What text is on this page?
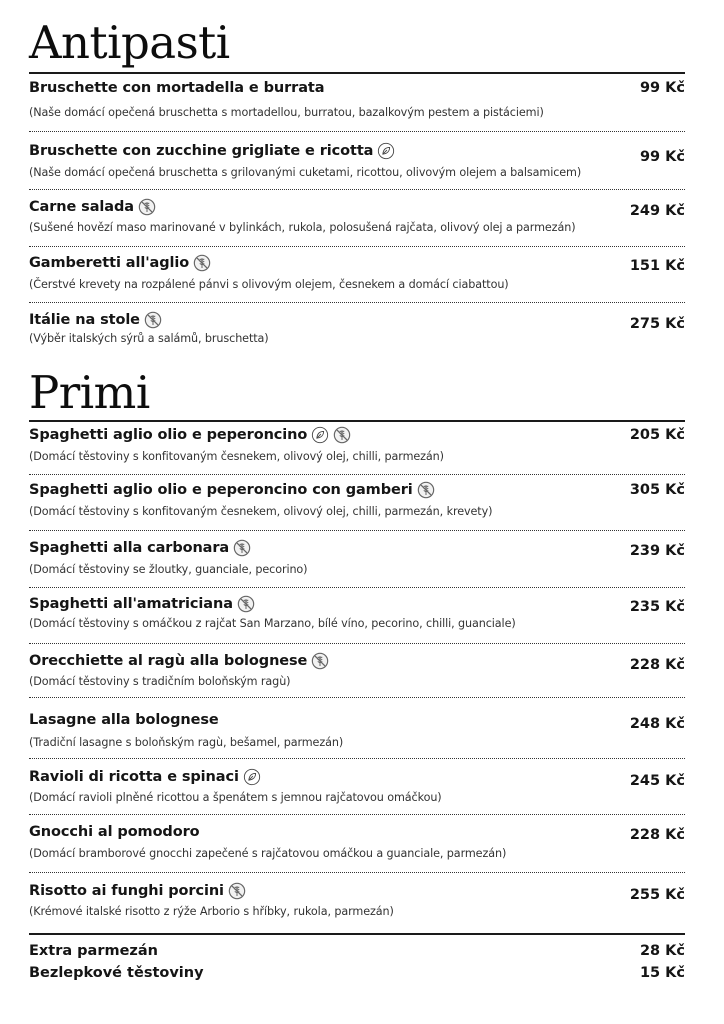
Antipasti
Bruschette con mortadella e burrata	99 Kč
(Naše domácí opečená bruschetta s mortadellou, burratou, bazalkovým pestem a pistáciemi)
Bruschette con zucchine grigliate e ricotta	99 Kč
(Naše domácí opečená bruschetta s grilovanými cuketami, ricottou, olivovým olejem a balsamicem)
Carne salada	249 Kč
(Sušené hovězí maso marinované v bylinkách, rukola, polosušená rajčata, olivový olej a parmezán)
Gamberetti all'aglio	151 Kč
(Čerstvé krevety na rozpálené pánvi s olivovým olejem, česnekem a domácí ciabattou)
Itálie na stole	275 Kč
(Výběr italských sýrů a salámů, bruschetta)
Primi
Spaghetti aglio olio e peperoncino	205 Kč
(Domácí těstoviny s konfitovaným česnekem, olivový olej, chilli, parmezán)
Spaghetti aglio olio e peperoncino con gamberi	305 Kč
(Domácí těstoviny s konfitovaným česnekem, olivový olej, chilli, parmezán, krevety)
Spaghetti alla carbonara	239 Kč
(Domácí těstoviny se žloutky, guanciale, pecorino)
Spaghetti all'amatriciana	235 Kč
(Domácí těstoviny s omáčkou z rajčat San Marzano, bílé víno, pecorino, chilli, guanciale)
Orecchiette al ragù alla bolognese	228 Kč
(Domácí těstoviny s tradičním boloňským ragù)
Lasagne alla bolognese	248 Kč
(Tradiční lasagne s boloňským ragù, bešamel, parmezán)
Ravioli di ricotta e spinaci	245 Kč
(Domácí ravioli plněné ricottou a špenátem s jemnou rajčatovou omáčkou)
Gnocchi al pomodoro	228 Kč
(Domácí bramborové gnocchi zapečené s rajčatovou omáčkou a guanciale, parmezán)
Risotto ai funghi porcini	255 Kč
(Krémové italské risotto z rýže Arborio s hříbky, rukola, parmezán)
Extra parmezán	28 Kč
Bezlepkové těstoviny	15 Kč
